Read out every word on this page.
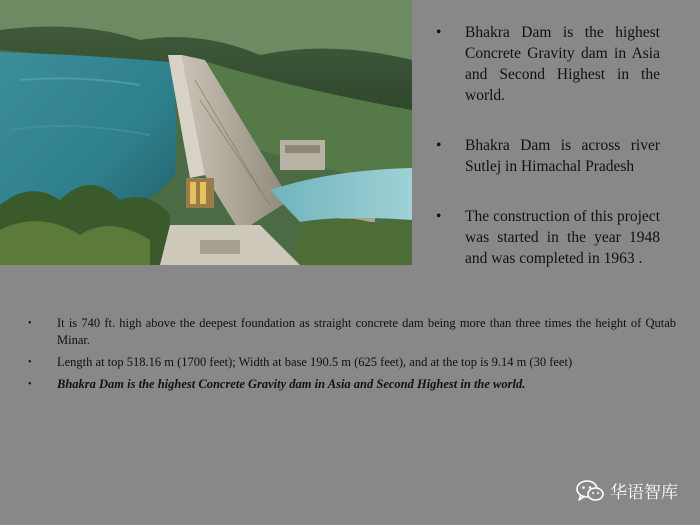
•	Bhakra Dam is the highest Concrete Gravity dam in Asia and Second Highest in the world.
•	Bhakra Dam is across river Sutlej in Himachal Pradesh
•	The construction of this project was started in the year 1948 and was completed in 1963 .
•	It is 740 ft. high above the deepest foundation as straight concrete dam being more than three times the height of Qutab Minar.
•	Length at top 518.16 m (1700 feet); Width at base 190.5 m (625 feet), and at the top is 9.14 m (30 feet)
•	Bhakra Dam is the highest Concrete Gravity dam in Asia and Second Highest in the world.
华语智库
